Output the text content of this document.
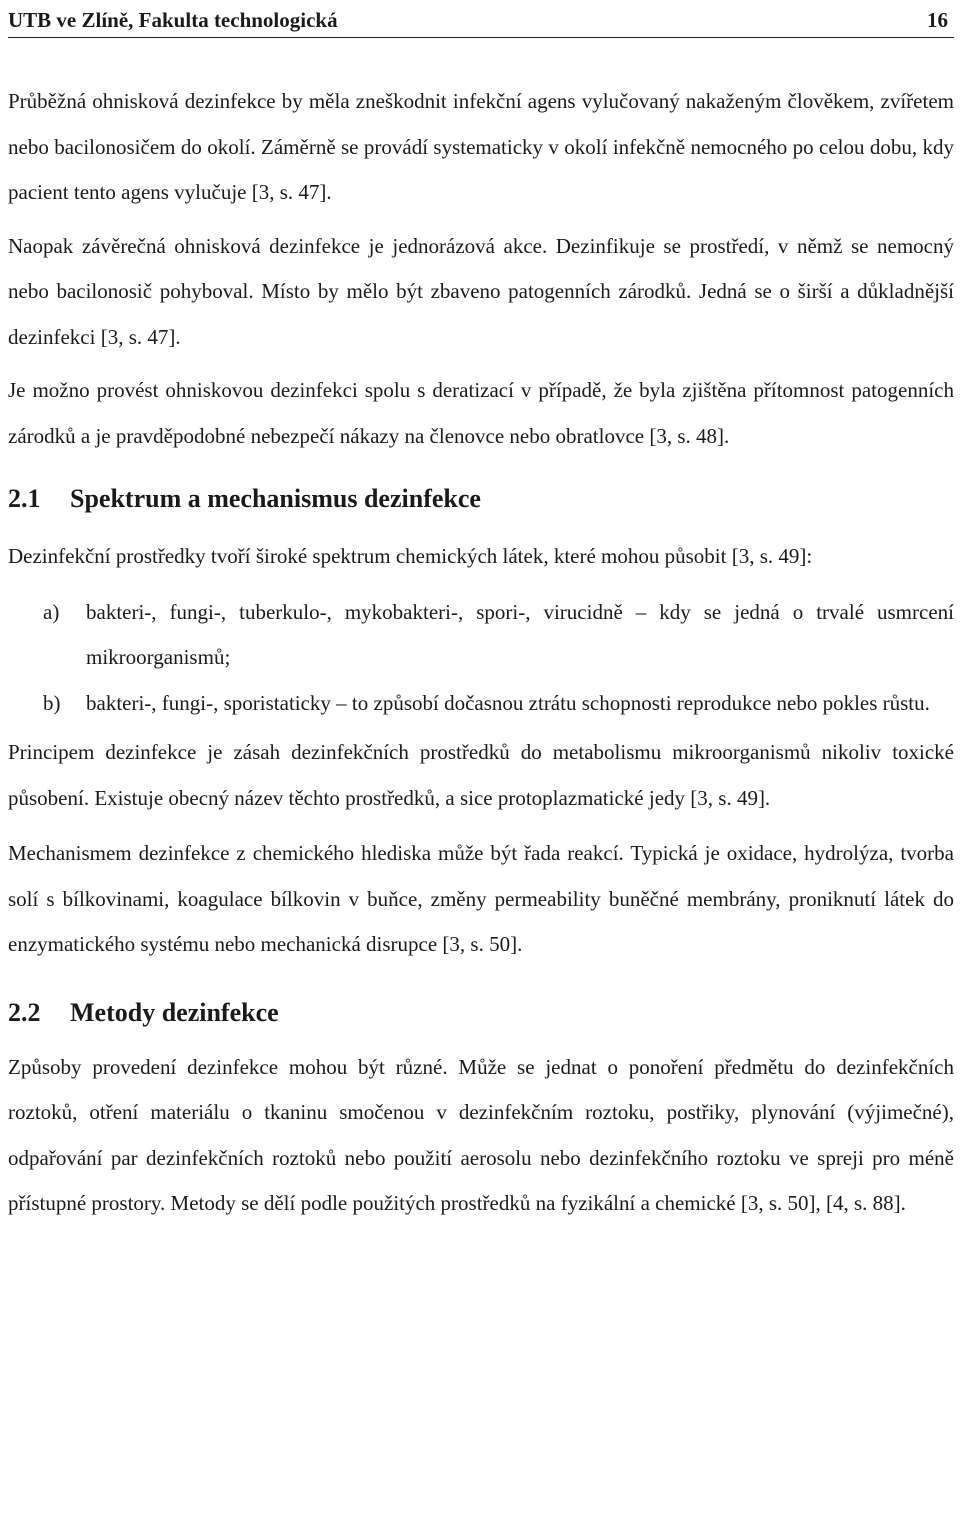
UTB ve Zlíně, Fakulta technologická	16

Průběžná ohnisková dezinfekce by měla zneškodnit infekční agens vylučovaný nakaženým člověkem, zvířetem nebo bacilonosičem do okolí. Záměrně se provádí systematicky v okolí infekčně nemocného po celou dobu, kdy pacient tento agens vylučuje [3, s. 47].

Naopak závěrečná ohnisková dezinfekce je jednorázová akce. Dezinfikuje se prostředí, v němž se nemocný nebo bacilonosič pohyboval. Místo by mělo být zbaveno patogenních zárodků. Jedná se o širší a důkladnější dezinfekci [3, s. 47].

Je možno provést ohniskovou dezinfekci spolu s deratizací v případě, že byla zjištěna přítomnost patogenních zárodků a je pravděpodobné nebezpečí nákazy na členovce nebo obratlovce [3, s. 48].

2.1 Spektrum a mechanismus dezinfekce

Dezinfekční prostředky tvoří široké spektrum chemických látek, které mohou působit [3, s. 49]:

a)	bakteri-, fungi-, tuberkulo-, mykobakteri-, spori-, virucidně – kdy se jedná o trvalé usmrcení mikroorganismů;
b)	bakteri-, fungi-, sporistaticky – to způsobí dočasnou ztrátu schopnosti reprodukce nebo pokles růstu.

Principem dezinfekce je zásah dezinfekčních prostředků do metabolismu mikroorganismů nikoliv toxické působení. Existuje obecný název těchto prostředků, a sice protoplazmatické jedy [3, s. 49].

Mechanismem dezinfekce z chemického hlediska může být řada reakcí. Typická je oxidace, hydrolýza, tvorba solí s bílkovinami, koagulace bílkovin v buňce, změny permeability buněčné membrány, proniknutí látek do enzymatického systému nebo mechanická disrupce [3, s. 50].

2.2 Metody dezinfekce

Způsoby provedení dezinfekce mohou být různé. Může se jednat o ponoření předmětu do dezinfekčních roztoků, otření materiálu o tkaninu smočenou v dezinfekčním roztoku, postřiky, plynování (výjimečné), odpařování par dezinfekčních roztoků nebo použití aerosolu nebo dezinfekčního roztoku ve spreji pro méně přístupné prostory. Metody se dělí podle použitých prostředků na fyzikální a chemické [3, s. 50], [4, s. 88].
